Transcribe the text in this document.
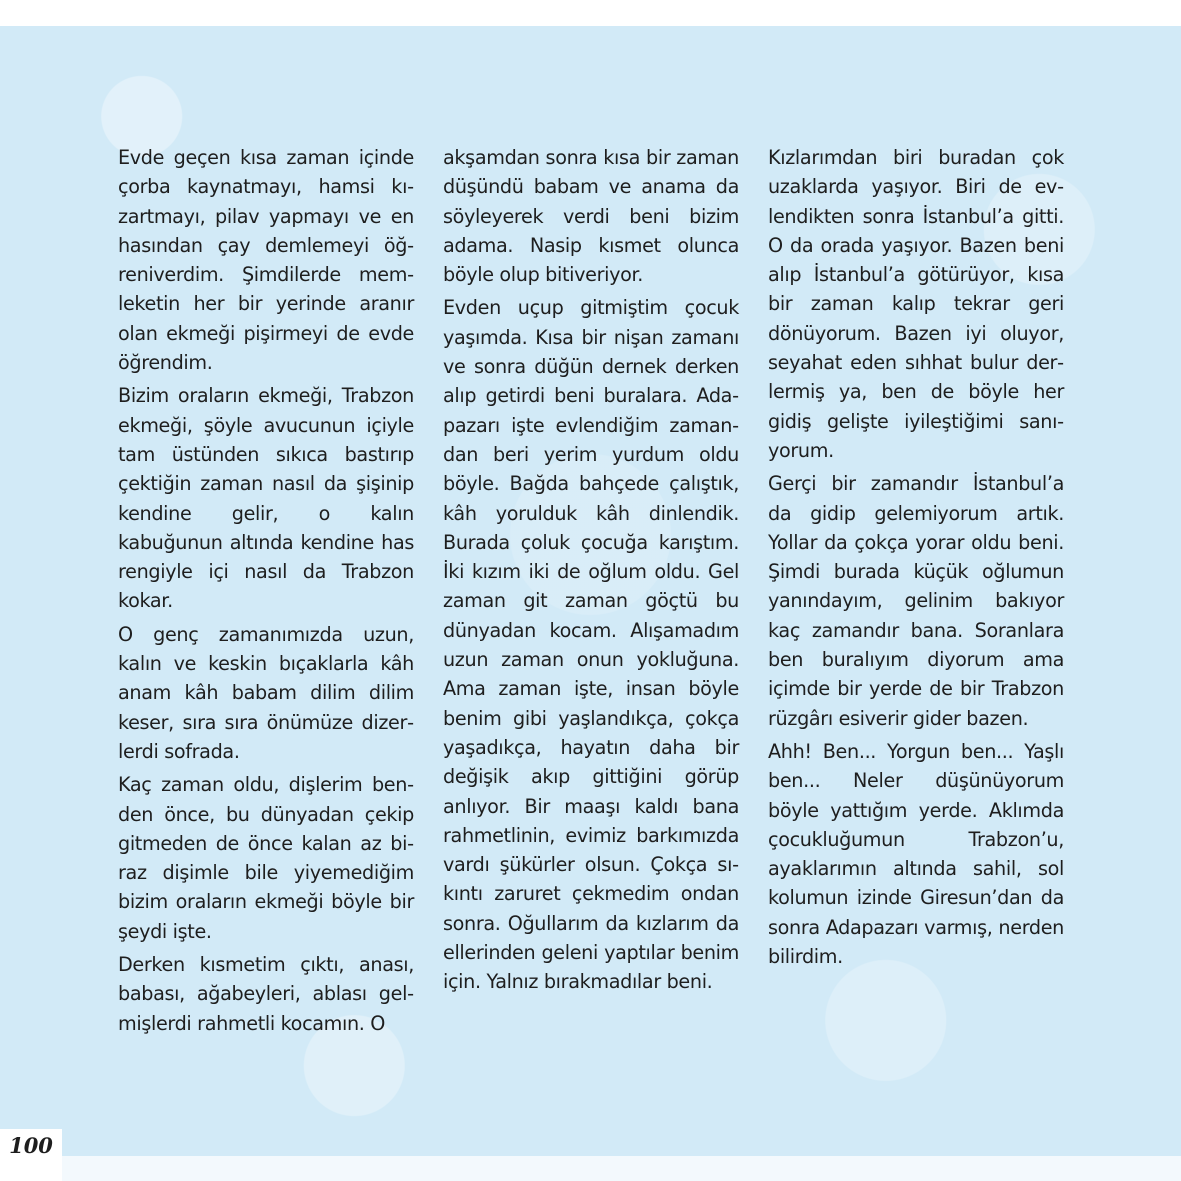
Evde geçen kısa zaman içinde çorba kaynatmayı, hamsi kızartmayı, pilav yapmayı ve en hasından çay demlemeyi öğreniverdim. Şimdilerde memleketin her bir yerinde aranır olan ekmeği pişirmeyi de evde öğrendim.

Bizim oraların ekmeği, Trabzon ekmeği, şöyle avucunun içiyle tam üstünden sıkıca bastırıp çektiğin zaman nasıl da şişinip kendine gelir, o kalın kabuğunun altında kendine has rengiyle içi nasıl da Trabzon kokar.

O genç zamanımızda uzun, kalın ve keskin bıçaklarla kâh anam kâh babam dilim dilim keser, sıra sıra önümüze dizerlerdi sofrada.

Kaç zaman oldu, dişlerim benden önce, bu dünyadan çekip gitmeden de önce kalan az biraz dişimle bile yiyemediğim bizim oraların ekmeği böyle bir şeydi işte.

Derken kısmetim çıktı, anası, babası, ağabeyleri, ablası gelmişlerdi rahmetli kocamın. O

akşamdan sonra kısa bir zaman düşündü babam ve anama da söyleyerek verdi beni bizim adama. Nasip kısmet olunca böyle olup bitiveriyor.

Evden uçup gitmiştim çocuk yaşımda. Kısa bir nişan zamanı ve sonra düğün dernek derken alıp getirdi beni buralara. Adapazarı işte evlendiğim zamandan beri yerim yurdum oldu böyle. Bağda bahçede çalıştık, kâh yorulduk kâh dinlendik. Burada çoluk çocuğa karıştım. İki kızım iki de oğlum oldu. Gel zaman git zaman göçtü bu dünyadan kocam. Alışamadım uzun zaman onun yokluğuna. Ama zaman işte, insan böyle benim gibi yaşlandıkça, çokça yaşadıkça, hayatın daha bir değişik akıp gittiğini görüp anlıyor. Bir maaşı kaldı bana rahmetlinin, evimiz barkımızda vardı şükürler olsun. Çokça sıkıntı zaruret çekmedim ondan sonra. Oğullarım da kızlarım da ellerinden geleni yaptılar benim için. Yalnız bırakmadılar beni.

Kızlarımdan biri buradan çok uzaklarda yaşıyor. Biri de evlendikten sonra İstanbul’a gitti. O da orada yaşıyor. Bazen beni alıp İstanbul’a götürüyor, kısa bir zaman kalıp tekrar geri dönüyorum. Bazen iyi oluyor, seyahat eden sıhhat bulur derlermiş ya, ben de böyle her gidiş gelişte iyileştiğimi sanıyorum.

Gerçi bir zamandır İstanbul’a da gidip gelemiyorum artık. Yollar da çokça yorar oldu beni. Şimdi burada küçük oğlumun yanındayım, gelinim bakıyor kaç zamandır bana. Soranlara ben buralıyım diyorum ama içimde bir yerde de bir Trabzon rüzgârı esiverir gider bazen.

Ahh! Ben... Yorgun ben... Yaşlı ben... Neler düşünüyorum böyle yattığım yerde. Aklımda çocukluğumun Trabzon’u, ayaklarımın altında sahil, sol kolumun izinde Giresun’dan da sonra Adapazarı varmış, nerden bilirdim.

100
